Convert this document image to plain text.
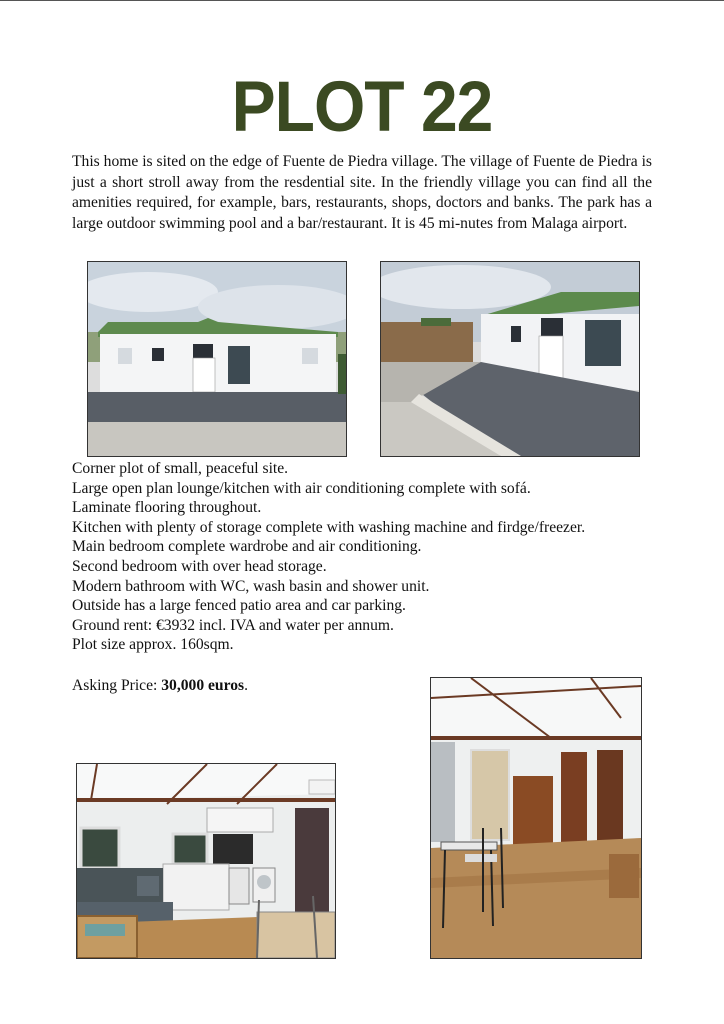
PLOT 22
This home is sited on the edge of Fuente de Piedra village. The village of Fuente de Piedra is just a short stroll away from the resdential site. In the friendly village you can find all the amenities required, for example, bars, restaurants, shops, doctors and banks. The park has a large outdoor swimming pool and a bar/restaurant. It is 45 mi-nutes from Malaga airport.
Corner plot of small, peaceful site.
Large open plan lounge/kitchen with air conditioning complete with sofá.
Laminate flooring throughout.
Kitchen with plenty of storage complete with washing machine and firdge/freezer.
Main bedroom complete wardrobe and air conditioning.
Second bedroom with over head storage.
Modern bathroom with WC, wash basin and shower unit.
Outside has a large fenced patio area and car parking.
Ground rent: €3932 incl. IVA and water per annum.
Plot size approx. 160sqm.
Asking Price: 30,000 euros.
